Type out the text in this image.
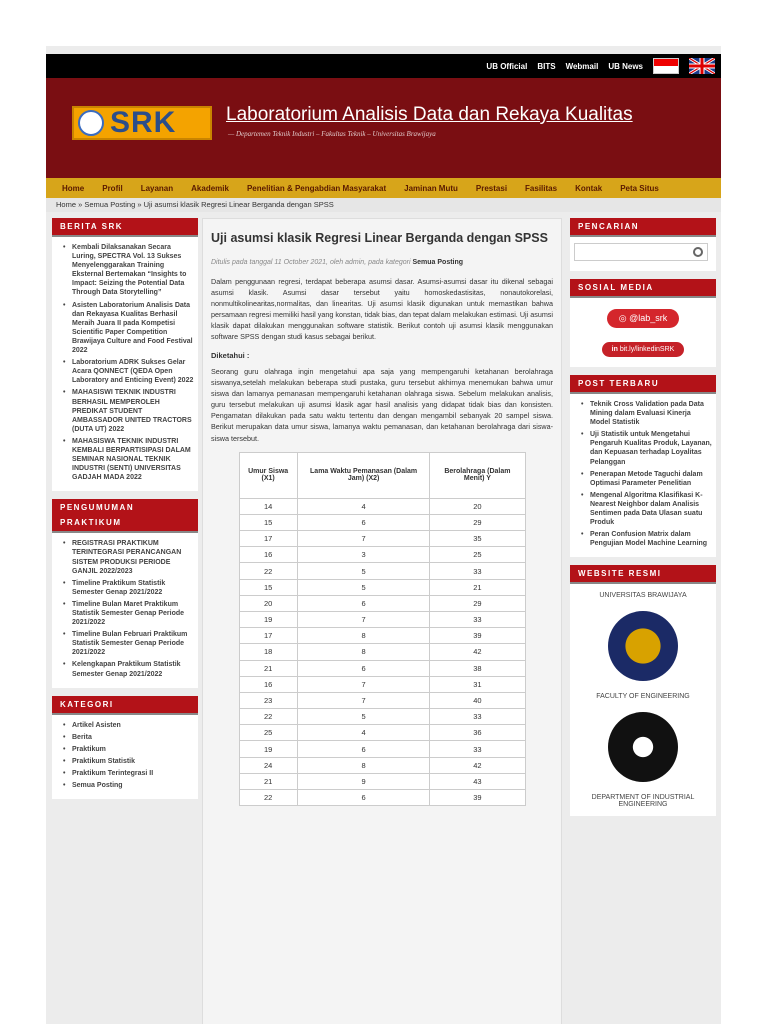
UB Official BITS Webmail UB News
SRK	Laboratorium Analisis Data dan Rekaya Kualitas
— Departemen Teknik Industri – Fakultas Teknik – Universitas Brawijaya
Home Profil Layanan Akademik Penelitian & Pengabdian Masyarakat Jaminan Mutu Prestasi Fasilitas Kontak Peta Situs
Home » Semua Posting » Uji asumsi klasik Regresi Linear Berganda dengan SPSS
BERITA SRK
• Kembali Dilaksanakan Secara Luring, SPECTRA Vol. 13 Sukses Menyelenggarakan Training Eksternal Bertemakan “Insights to Impact: Seizing the Potential Data Through Data Storytelling”
• Asisten Laboratorium Analisis Data dan Rekayasa Kualitas Berhasil Meraih Juara II pada Kompetisi Scientific Paper Competition Brawijaya Culture and Food Festival 2022
• Laboratorium ADRK Sukses Gelar Acara QONNECT (QEDA Open Laboratory and Enticing Event) 2022
• MAHASISWI TEKNIK INDUSTRI BERHASIL MEMPEROLEH PREDIKAT STUDENT AMBASSADOR UNITED TRACTORS (DUTA UT) 2022
• MAHASISWA TEKNIK INDUSTRI KEMBALI BERPARTISIPASI DALAM SEMINAR NASIONAL TEKNIK INDUSTRI (SENTI) UNIVERSITAS GADJAH MADA 2022
PENGUMUMAN
PRAKTIKUM
• REGISTRASI PRAKTIKUM TERINTEGRASI PERANCANGAN SISTEM PRODUKSI PERIODE GANJIL 2022/2023
• Timeline Praktikum Statistik Semester Genap 2021/2022
• Timeline Bulan Maret Praktikum Statistik Semester Genap Periode 2021/2022
• Timeline Bulan Februari Praktikum Statistik Semester Genap Periode 2021/2022
• Kelengkapan Praktikum Statistik Semester Genap 2021/2022
KATEGORI
• Artikel Asisten
• Berita
• Praktikum
• Praktikum Statistik
• Praktikum Terintegrasi II
• Semua Posting
Uji asumsi klasik Regresi Linear Berganda dengan SPSS
Ditulis pada tanggal 11 October 2021, oleh admin, pada kategori Semua Posting
Dalam penggunaan regresi, terdapat beberapa asumsi dasar. Asumsi-asumsi dasar itu dikenal sebagai asumsi klasik. Asumsi dasar tersebut yaitu homoskedastisitas, nonautokorelasi, nonmultikolinearitas,normalitas, dan linearitas. Uji asumsi klasik digunakan untuk memastikan bahwa persamaan regresi memiliki hasil yang konstan, tidak bias, dan tepat dalam melakukan estimasi. Uji asumsi klasik dapat dilakukan menggunakan software statistik. Berikut contoh uji asumsi klasik menggunakan software SPSS dengan studi kasus sebagai berikut.
Diketahui :
Seorang guru olahraga ingin mengetahui apa saja yang mempengaruhi ketahanan berolahraga siswanya,setelah melakukan beberapa studi pustaka, guru tersebut akhirnya menemukan bahwa umur siswa dan lamanya pemanasan mempengaruhi ketahanan olahraga siswa. Sebelum melakukan analisis, guru tersebut melakukan uji asumsi klasik agar hasil analisis yang didapat tidak bias dan konsisten. Pengamatan dilakukan pada satu waktu tertentu dan dengan mengambil sebanyak 20 sampel siswa. Berikut merupakan data umur siswa, lamanya waktu pemanasan, dan ketahanan berolahraga dari siswa-siswa tersebut.
Umur Siswa (X1)	Lama Waktu Pemanasan (Dalam Jam) (X2)	Berolahraga (Dalam Menit) Y
14	4	20
15	6	29
17	7	35
16	3	25
22	5	33
15	5	21
20	6	29
19	7	33
17	8	39
18	8	42
21	6	38
16	7	31
23	7	40
22	5	33
25	4	36
19	6	33
24	8	42
21	9	43
22	6	39
PENCARIAN
SOSIAL MEDIA
◎ @lab_srk
in bit.ly/linkedinSRK
POST TERBARU
• Teknik Cross Validation pada Data Mining dalam Evaluasi Kinerja Model Statistik
• Uji Statistik untuk Mengetahui Pengaruh Kualitas Produk, Layanan, dan Kepuasan terhadap Loyalitas Pelanggan
• Penerapan Metode Taguchi dalam Optimasi Parameter Penelitian
• Mengenal Algoritma Klasifikasi K-Nearest Neighbor dalam Analisis Sentimen pada Data Ulasan suatu Produk
• Peran Confusion Matrix dalam Pengujian Model Machine Learning
WEBSITE RESMI
UNIVERSITAS BRAWIJAYA
FACULTY OF ENGINEERING
DEPARTMENT OF INDUSTRIAL ENGINEERING
